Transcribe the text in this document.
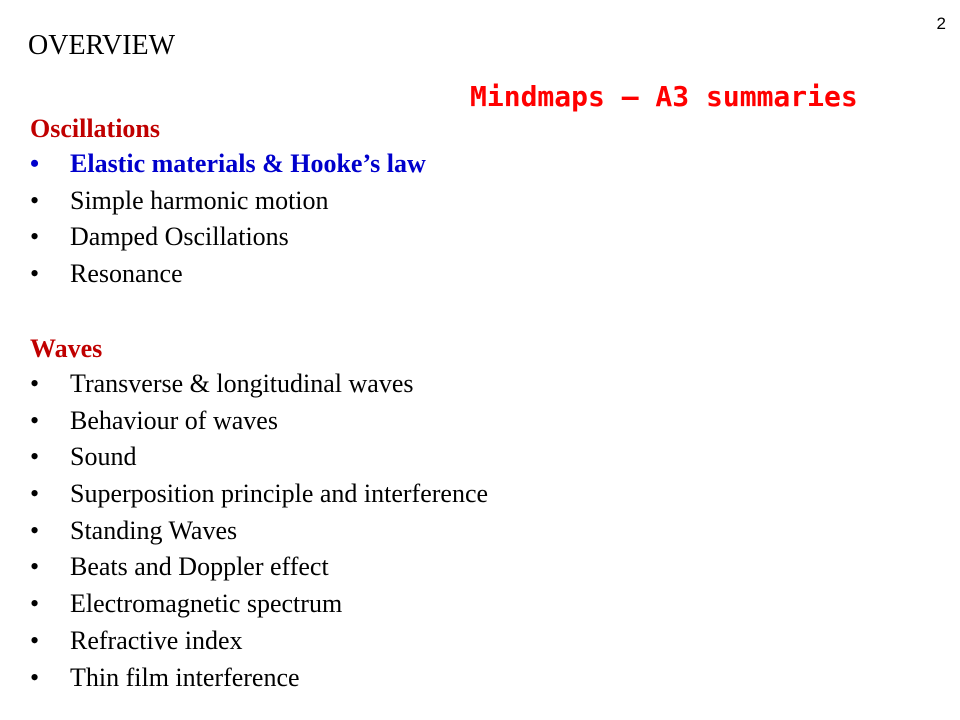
2
OVERVIEW
Mindmaps – A3 summaries
Oscillations
• Elastic materials & Hooke’s law
• Simple harmonic motion
• Damped Oscillations
• Resonance
Waves
• Transverse & longitudinal waves
• Behaviour of waves
• Sound
• Superposition principle and interference
• Standing Waves
• Beats and Doppler effect
• Electromagnetic spectrum
• Refractive index
• Thin film interference
